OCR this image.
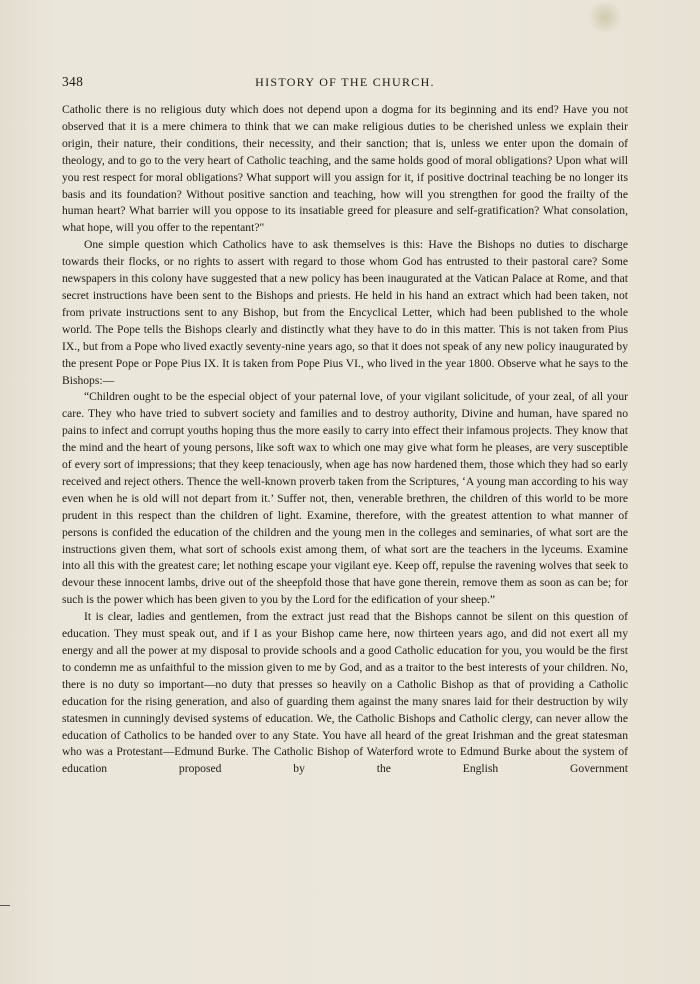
348	HISTORY OF THE CHURCH.

Catholic there is no religious duty which does not depend upon a dogma for its beginning and its end? Have you not observed that it is a mere chimera to think that we can make religious duties to be cherished unless we explain their origin, their nature, their conditions, their necessity, and their sanction; that is, unless we enter upon the domain of theology, and to go to the very heart of Catholic teaching, and the same holds good of moral obligations? Upon what will you rest respect for moral obligations? What support will you assign for it, if positive doctrinal teaching be no longer its basis and its foundation? Without positive sanction and teaching, how will you strengthen for good the frailty of the human heart? What barrier will you oppose to its insatiable greed for pleasure and self-gratification? What consolation, what hope, will you offer to the repentant?"

One simple question which Catholics have to ask themselves is this: Have the Bishops no duties to discharge towards their flocks, or no rights to assert with regard to those whom God has entrusted to their pastoral care? Some newspapers in this colony have suggested that a new policy has been inaugurated at the Vatican Palace at Rome, and that secret instructions have been sent to the Bishops and priests. He held in his hand an extract which had been taken, not from private instructions sent to any Bishop, but from the Encyclical Letter, which had been published to the whole world. The Pope tells the Bishops clearly and distinctly what they have to do in this matter. This is not taken from Pius IX., but from a Pope who lived exactly seventy-nine years ago, so that it does not speak of any new policy inaugurated by the present Pope or Pope Pius IX. It is taken from Pope Pius VI., who lived in the year 1800. Observe what he says to the Bishops:—

“Children ought to be the especial object of your paternal love, of your vigilant solicitude, of your zeal, of all your care. They who have tried to subvert society and families and to destroy authority, Divine and human, have spared no pains to infect and corrupt youths hoping thus the more easily to carry into effect their infamous projects. They know that the mind and the heart of young persons, like soft wax to which one may give what form he pleases, are very susceptible of every sort of impressions; that they keep tenaciously, when age has now hardened them, those which they had so early received and reject others. Thence the well-known proverb taken from the Scriptures, ‘A young man according to his way even when he is old will not depart from it.’ Suffer not, then, venerable brethren, the children of this world to be more prudent in this respect than the children of light. Examine, therefore, with the greatest attention to what manner of persons is confided the education of the children and the young men in the colleges and seminaries, of what sort are the instructions given them, what sort of schools exist among them, of what sort are the teachers in the lyceums. Examine into all this with the greatest care; let nothing escape your vigilant eye. Keep off, repulse the ravening wolves that seek to devour these innocent lambs, drive out of the sheepfold those that have gone therein, remove them as soon as can be; for such is the power which has been given to you by the Lord for the edification of your sheep.”

It is clear, ladies and gentlemen, from the extract just read that the Bishops cannot be silent on this question of education. They must speak out, and if I as your Bishop came here, now thirteen years ago, and did not exert all my energy and all the power at my disposal to provide schools and a good Catholic education for you, you would be the first to condemn me as unfaithful to the mission given to me by God, and as a traitor to the best interests of your children. No, there is no duty so important—no duty that presses so heavily on a Catholic Bishop as that of providing a Catholic education for the rising generation, and also of guarding them against the many snares laid for their destruction by wily statesmen in cunningly devised systems of education. We, the Catholic Bishops and Catholic clergy, can never allow the education of Catholics to be handed over to any State. You have all heard of the great Irishman and the great statesman who was a Protestant—Edmund Burke. The Catholic Bishop of Waterford wrote to Edmund Burke about the system of education proposed by the English Government
